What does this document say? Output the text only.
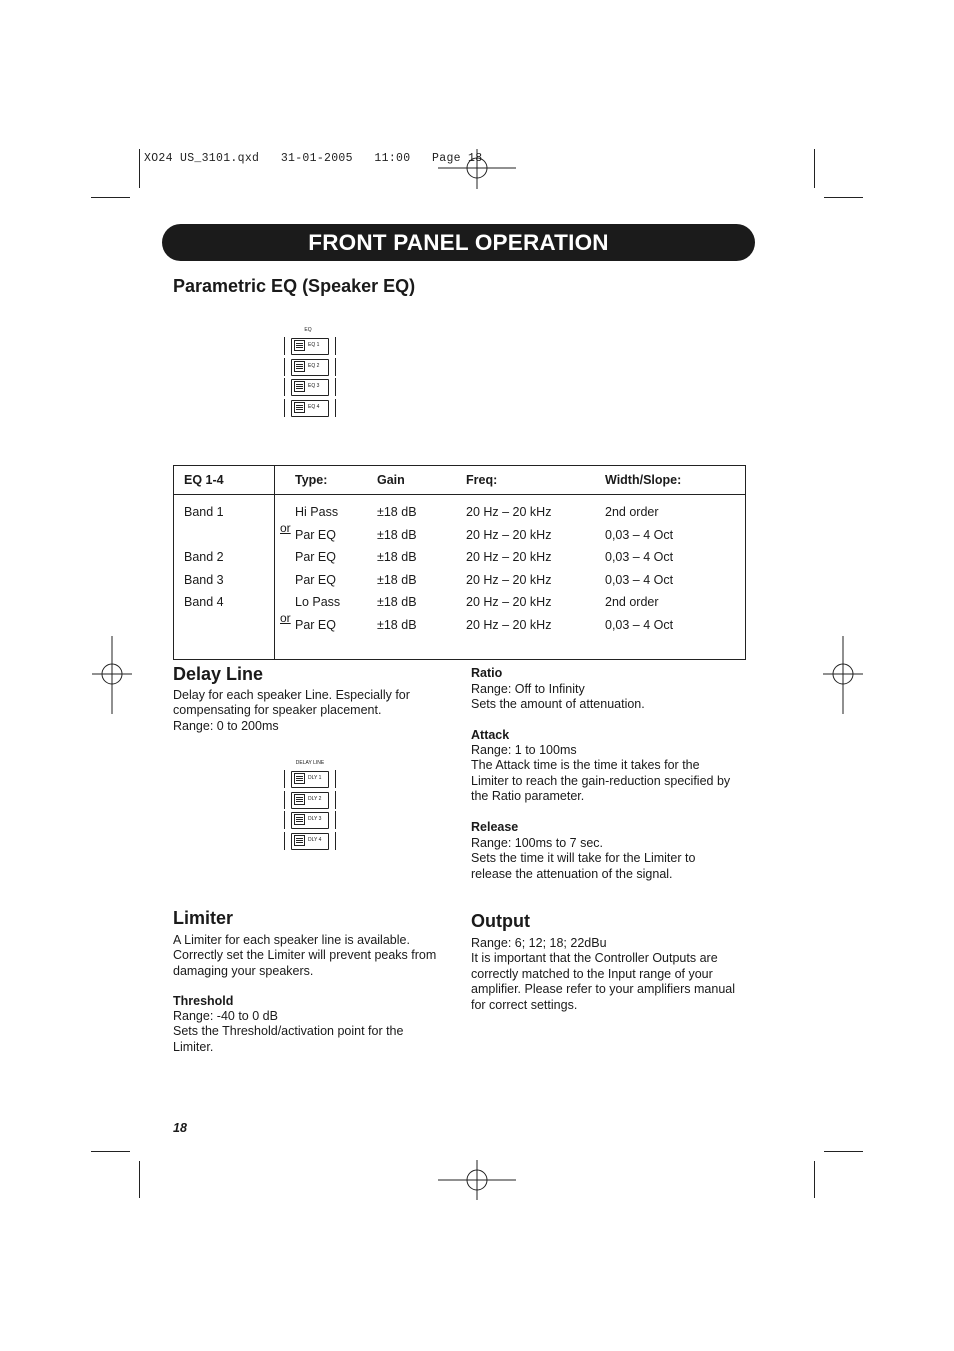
XO24 US_3101.qxd   31-01-2005   11:00   Page 18
FRONT PANEL OPERATION
Parametric EQ (Speaker EQ)
EQ
EQ 1
EQ 2
EQ 3
EQ 4
EQ 1-4		Type:	Gain	Freq:	Width/Slope:
Band 1		Hi Pass	±18 dB	20 Hz – 20 kHz	2nd order
	or	Par EQ	±18 dB	20 Hz – 20 kHz	0,03 – 4 Oct
Band 2		Par EQ	±18 dB	20 Hz – 20 kHz	0,03 – 4 Oct
Band 3		Par EQ	±18 dB	20 Hz – 20 kHz	0,03 – 4 Oct
Band 4		Lo Pass	±18 dB	20 Hz – 20 kHz	2nd order
	or	Par EQ	±18 dB	20 Hz – 20 kHz	0,03 – 4 Oct

Delay Line
Delay for each speaker Line. Especially for
compensating for speaker placement.
Range: 0 to 200ms
DELAY LINE
DLY 1
DLY 2
DLY 3
DLY 4
Limiter
A Limiter for each speaker line is available.
Correctly set the Limiter will prevent peaks from
damaging your speakers.
Threshold
Range: -40 to 0 dB
Sets the Threshold/activation point for the
Limiter.
Ratio
Range: Off to Infinity
Sets the amount of attenuation.
Attack
Range: 1 to 100ms
The Attack time is the time it takes for the
Limiter to reach the gain-reduction specified by
the Ratio parameter.
Release
Range: 100ms to 7 sec.
Sets the time it will take for the Limiter to
release the attenuation of the signal.
Output
Range: 6; 12; 18; 22dBu
It is important that the Controller Outputs are
correctly matched to the Input range of your
amplifier. Please refer to your amplifiers manual
for correct settings.
18
